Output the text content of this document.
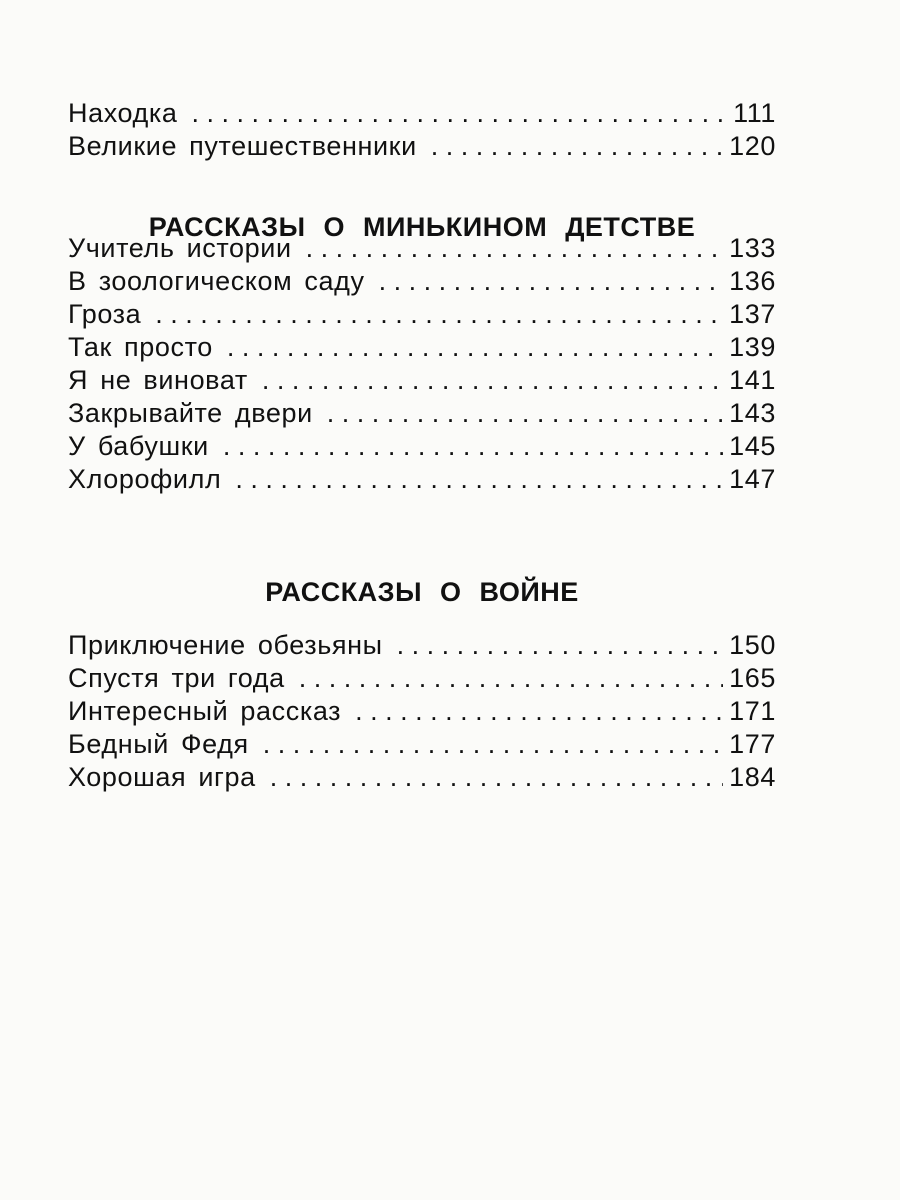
Находка .....	111
Великие путешественники .....	120
РАССКАЗЫ О МИНЬКИНОМ ДЕТСТВЕ
Учитель истории .....	133
В зоологическом саду .....	136
Гроза .....	137
Так просто .....	139
Я не виноват .....	141
Закрывайте двери .....	143
У бабушки .....	145
Хлорофилл .....	147
РАССКАЗЫ О ВОЙНЕ
Приключение обезьяны .....	150
Спустя три года .....	165
Интересный рассказ .....	171
Бедный Федя .....	177
Хорошая игра .....	184
